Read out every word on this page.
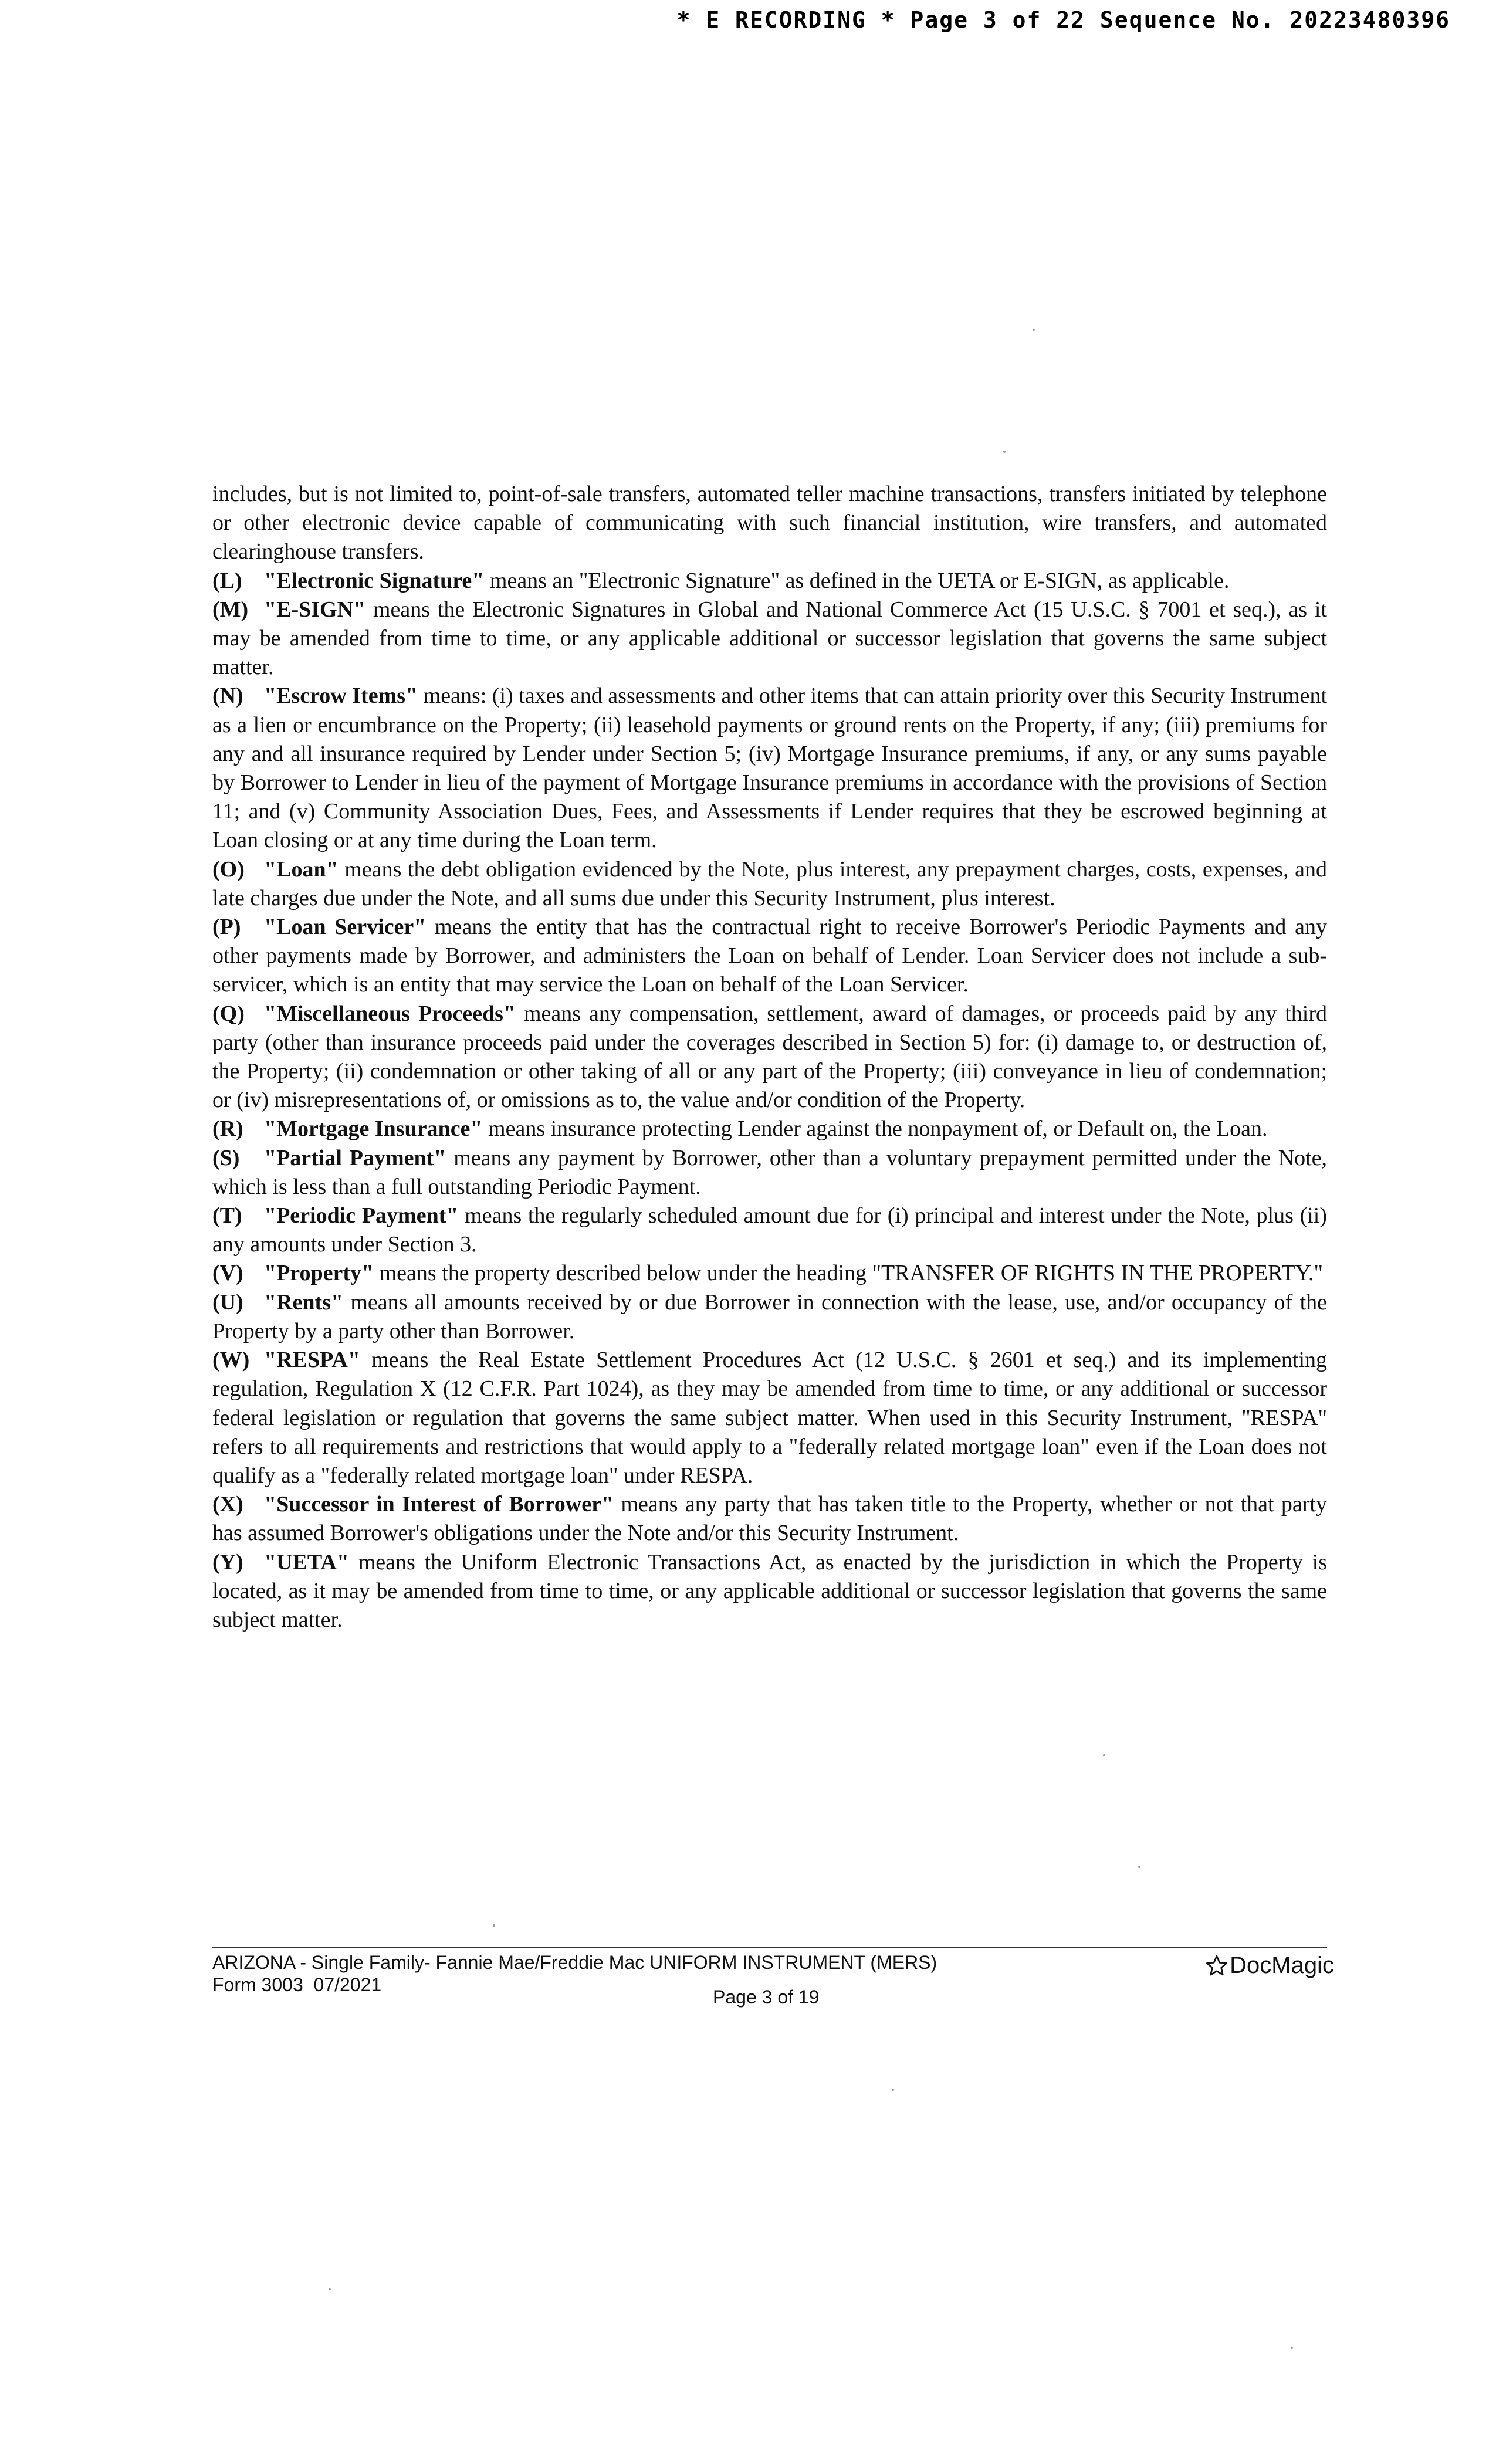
* E RECORDING * Page 3 of 22 Sequence No. 20223480396

includes, but is not limited to, point-of-sale transfers, automated teller machine transactions, transfers initiated by telephone or other electronic device capable of communicating with such financial institution, wire transfers, and automated clearinghouse transfers.

(L) "Electronic Signature" means an "Electronic Signature" as defined in the UETA or E-SIGN, as applicable.

(M) "E-SIGN" means the Electronic Signatures in Global and National Commerce Act (15 U.S.C. § 7001 et seq.), as it may be amended from time to time, or any applicable additional or successor legislation that governs the same subject matter.

(N) "Escrow Items" means: (i) taxes and assessments and other items that can attain priority over this Security Instrument as a lien or encumbrance on the Property; (ii) leasehold payments or ground rents on the Property, if any; (iii) premiums for any and all insurance required by Lender under Section 5; (iv) Mortgage Insurance premiums, if any, or any sums payable by Borrower to Lender in lieu of the payment of Mortgage Insurance premiums in accordance with the provisions of Section 11; and (v) Community Association Dues, Fees, and Assessments if Lender requires that they be escrowed beginning at Loan closing or at any time during the Loan term.

(O) "Loan" means the debt obligation evidenced by the Note, plus interest, any prepayment charges, costs, expenses, and late charges due under the Note, and all sums due under this Security Instrument, plus interest.

(P) "Loan Servicer" means the entity that has the contractual right to receive Borrower's Periodic Payments and any other payments made by Borrower, and administers the Loan on behalf of Lender. Loan Servicer does not include a sub-servicer, which is an entity that may service the Loan on behalf of the Loan Servicer.

(Q) "Miscellaneous Proceeds" means any compensation, settlement, award of damages, or proceeds paid by any third party (other than insurance proceeds paid under the coverages described in Section 5) for: (i) damage to, or destruction of, the Property; (ii) condemnation or other taking of all or any part of the Property; (iii) conveyance in lieu of condemnation; or (iv) misrepresentations of, or omissions as to, the value and/or condition of the Property.

(R) "Mortgage Insurance" means insurance protecting Lender against the nonpayment of, or Default on, the Loan.

(S) "Partial Payment" means any payment by Borrower, other than a voluntary prepayment permitted under the Note, which is less than a full outstanding Periodic Payment.

(T) "Periodic Payment" means the regularly scheduled amount due for (i) principal and interest under the Note, plus (ii) any amounts under Section 3.

(V) "Property" means the property described below under the heading "TRANSFER OF RIGHTS IN THE PROPERTY."

(U) "Rents" means all amounts received by or due Borrower in connection with the lease, use, and/or occupancy of the Property by a party other than Borrower.

(W) "RESPA" means the Real Estate Settlement Procedures Act (12 U.S.C. § 2601 et seq.) and its implementing regulation, Regulation X (12 C.F.R. Part 1024), as they may be amended from time to time, or any additional or successor federal legislation or regulation that governs the same subject matter. When used in this Security Instrument, "RESPA" refers to all requirements and restrictions that would apply to a "federally related mortgage loan" even if the Loan does not qualify as a "federally related mortgage loan" under RESPA.

(X) "Successor in Interest of Borrower" means any party that has taken title to the Property, whether or not that party has assumed Borrower's obligations under the Note and/or this Security Instrument.

(Y) "UETA" means the Uniform Electronic Transactions Act, as enacted by the jurisdiction in which the Property is located, as it may be amended from time to time, or any applicable additional or successor legislation that governs the same subject matter.

ARIZONA - Single Family- Fannie Mae/Freddie Mac UNIFORM INSTRUMENT (MERS)
Form 3003  07/2021
Page 3 of 19
DocMagic
